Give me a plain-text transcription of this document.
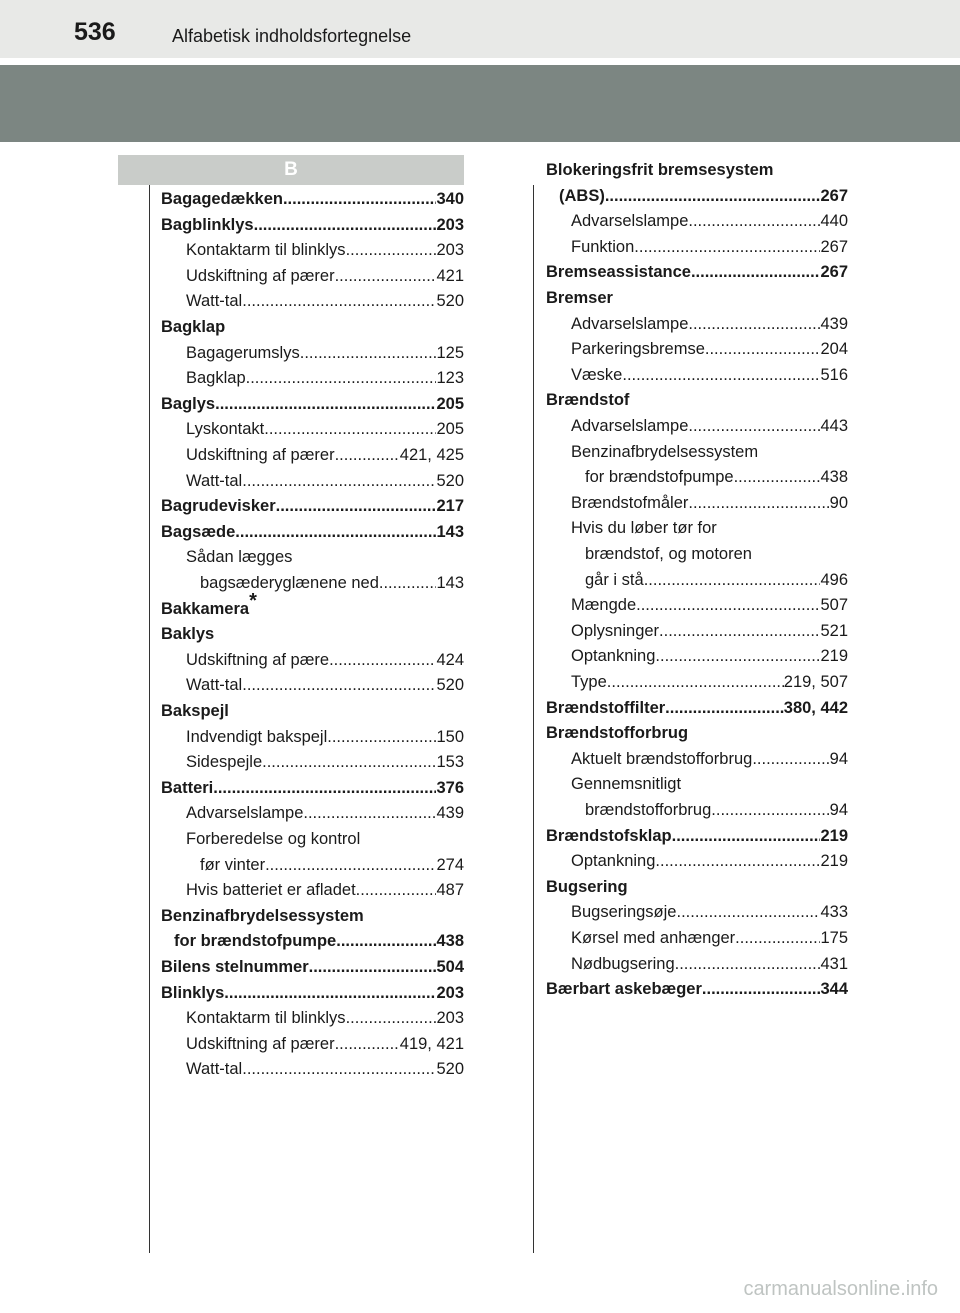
536	Alfabetisk indholdsfortegnelse
B
Bagagedækken .....	340
Bagblinklys .....	203
Kontaktarm til blinklys .....	203
Udskiftning af pærer .....	421
Watt-tal .....	520
Bagklap
Bagagerumslys .....	125
Bagklap .....	123
Baglys .....	205
Lyskontakt .....	205
Udskiftning af pærer .....	421, 425
Watt-tal .....	520
Bagrudevisker .....	217
Bagsæde .....	143
Sådan lægges
bagsæderyglænene ned .....	143
Bakkamera*
Baklys
Udskiftning af pære .....	424
Watt-tal .....	520
Bakspejl
Indvendigt bakspejl .....	150
Sidespejle .....	153
Batteri .....	376
Advarselslampe .....	439
Forberedelse og kontrol
før vinter .....	274
Hvis batteriet er afladet .....	487
Benzinafbrydelsessystem
for brændstofpumpe .....	438
Bilens stelnummer .....	504
Blinklys .....	203
Kontaktarm til blinklys .....	203
Udskiftning af pærer .....	419, 421
Watt-tal .....	520
Blokeringsfrit bremsesystem
(ABS) .....	267
Advarselslampe .....	440
Funktion .....	267
Bremseassistance .....	267
Bremser
Advarselslampe .....	439
Parkeringsbremse .....	204
Væske .....	516
Brændstof
Advarselslampe .....	443
Benzinafbrydelsessystem
for brændstofpumpe .....	438
Brændstofmåler .....	90
Hvis du løber tør for
brændstof, og motoren
går i stå .....	496
Mængde .....	507
Oplysninger .....	521
Optankning .....	219
Type .....	219, 507
Brændstoffilter .....	380, 442
Brændstofforbrug
Aktuelt brændstofforbrug .....	94
Gennemsnitligt
brændstofforbrug .....	94
Brændstofsklap .....	219
Optankning .....	219
Bugsering
Bugseringsøje .....	433
Kørsel med anhænger .....	175
Nødbugsering .....	431
Bærbart askebæger .....	344
carmanualsonline.info
